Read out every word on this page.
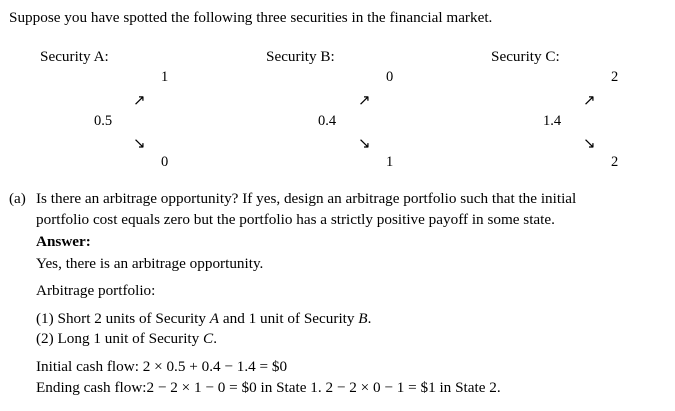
Suppose you have spotted the following three securities in the financial market.
Security A:
1
↗
0.5
↘
0
Security B:
0
↗
0.4
↘
1
Security C:
2
↗
1.4
↘
2
(a) Is there an arbitrage opportunity? If yes, design an arbitrage portfolio such that the initial
portfolio cost equals zero but the portfolio has a strictly positive payoff in some state.
Answer:
Yes, there is an arbitrage opportunity.
Arbitrage portfolio:
(1) Short 2 units of Security A and 1 unit of Security B.
(2) Long 1 unit of Security C.
Initial cash flow: 2 × 0.5 + 0.4 − 1.4 = $0
Ending cash flow:2 − 2 × 1 − 0 = $0 in State 1. 2 − 2 × 0 − 1 = $1 in State 2.
